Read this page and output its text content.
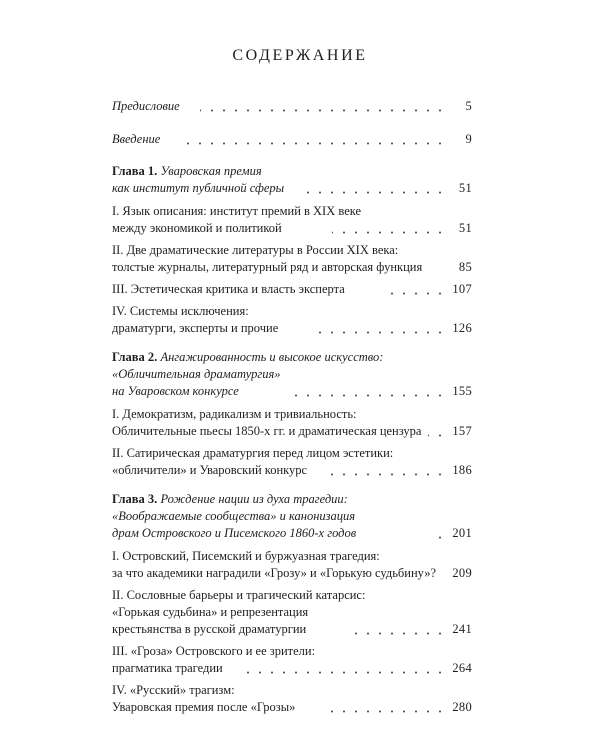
СОДЕРЖАНИЕ
Предисловие	5
Введение	9
Глава 1. Уваровская премия
как институт публичной сферы	51
I. Язык описания: институт премий в XIX веке
между экономикой и политикой	51
II. Две драматические литературы в России XIX века:
толстые журналы, литературный ряд и авторская функция	85
III. Эстетическая критика и власть эксперта	107
IV. Системы исключения:
драматурги, эксперты и прочие	126
Глава 2. Ангажированность и высокое искусство:
«Обличительная драматургия»
на Уваровском конкурсе	155
I. Демократизм, радикализм и тривиальность:
Обличительные пьесы 1850-х гг. и драматическая цензура 157
II. Сатирическая драматургия перед лицом эстетики:
«обличители» и Уваровский конкурс	186
Глава 3. Рождение нации из духа трагедии:
«Воображаемые сообщества» и канонизация
драм Островского и Писемского 1860-х годов	201
I. Островский, Писемский и буржуазная трагедия:
за что академики наградили «Грозу» и «Горькую судьбину»? 209
II. Сословные барьеры и трагический катарсис:
«Горькая судьбина» и репрезентация
крестьянства в русской драматургии	241
III. «Гроза» Островского и ее зрители:
прагматика трагедии	264
IV. «Русский» трагизм:
Уваровская премия после «Грозы»	280
